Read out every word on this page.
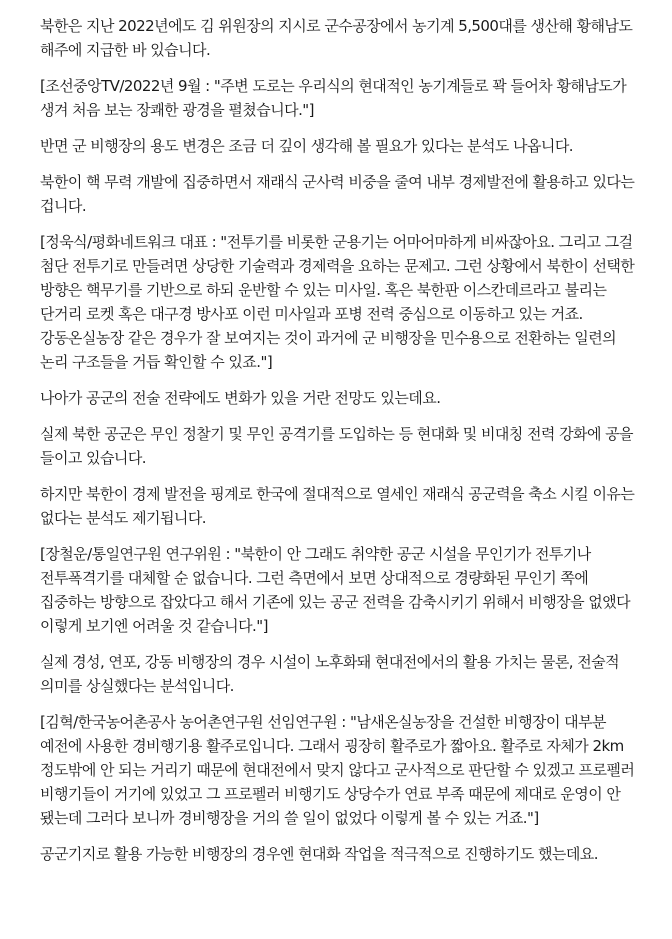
북한은 지난 2022년에도 김 위원장의 지시로 군수공장에서 농기계 5,500대를 생산해 황해남도 해주에 지급한 바 있습니다.

[조선중앙TV/2022년 9월 : "주변 도로는 우리식의 현대적인 농기계들로 꽉 들어차 황해남도가 생겨 처음 보는 장쾌한 광경을 펼쳤습니다."]

반면 군 비행장의 용도 변경은 조금 더 깊이 생각해 볼 필요가 있다는 분석도 나옵니다.

북한이 핵 무력 개발에 집중하면서 재래식 군사력 비중을 줄여 내부 경제발전에 활용하고 있다는 겁니다.

[정욱식/평화네트워크 대표 : "전투기를 비롯한 군용기는 어마어마하게 비싸잖아요. 그리고 그걸 첨단 전투기로 만들려면 상당한 기술력과 경제력을 요하는 문제고. 그런 상황에서 북한이 선택한 방향은 핵무기를 기반으로 하되 운반할 수 있는 미사일. 혹은 북한판 이스칸데르라고 불리는 단거리 로켓 혹은 대구경 방사포 이런 미사일과 포병 전력 중심으로 이동하고 있는 거죠. 강동온실농장 같은 경우가 잘 보여지는 것이 과거에 군 비행장을 민수용으로 전환하는 일련의 논리 구조들을 거듭 확인할 수 있죠."]

나아가 공군의 전술 전략에도 변화가 있을 거란 전망도 있는데요.

실제 북한 공군은 무인 정찰기 및 무인 공격기를 도입하는 등 현대화 및 비대칭 전력 강화에 공을 들이고 있습니다.

하지만 북한이 경제 발전을 핑계로 한국에 절대적으로 열세인 재래식 공군력을 축소 시킬 이유는 없다는 분석도 제기됩니다.

[장철운/통일연구원 연구위원 : "북한이 안 그래도 취약한 공군 시설을 무인기가 전투기나 전투폭격기를 대체할 순 없습니다. 그런 측면에서 보면 상대적으로 경량화된 무인기 쪽에 집중하는 방향으로 잡았다고 해서 기존에 있는 공군 전력을 감축시키기 위해서 비행장을 없앴다 이렇게 보기엔 어려울 것 같습니다."]

실제 경성, 연포, 강동 비행장의 경우 시설이 노후화돼 현대전에서의 활용 가치는 물론, 전술적 의미를 상실했다는 분석입니다.

[김혁/한국농어촌공사 농어촌연구원 선임연구원 : "남새온실농장을 건설한 비행장이 대부분 예전에 사용한 경비행기용 활주로입니다. 그래서 굉장히 활주로가 짧아요. 활주로 자체가 2km 정도밖에 안 되는 거리기 때문에 현대전에서 맞지 않다고 군사적으로 판단할 수 있겠고 프로펠러 비행기들이 거기에 있었고 그 프로펠러 비행기도 상당수가 연료 부족 때문에 제대로 운영이 안 됐는데 그러다 보니까 경비행장을 거의 쓸 일이 없었다 이렇게 볼 수 있는 거죠."]

공군기지로 활용 가능한 비행장의 경우엔 현대화 작업을 적극적으로 진행하기도 했는데요.
